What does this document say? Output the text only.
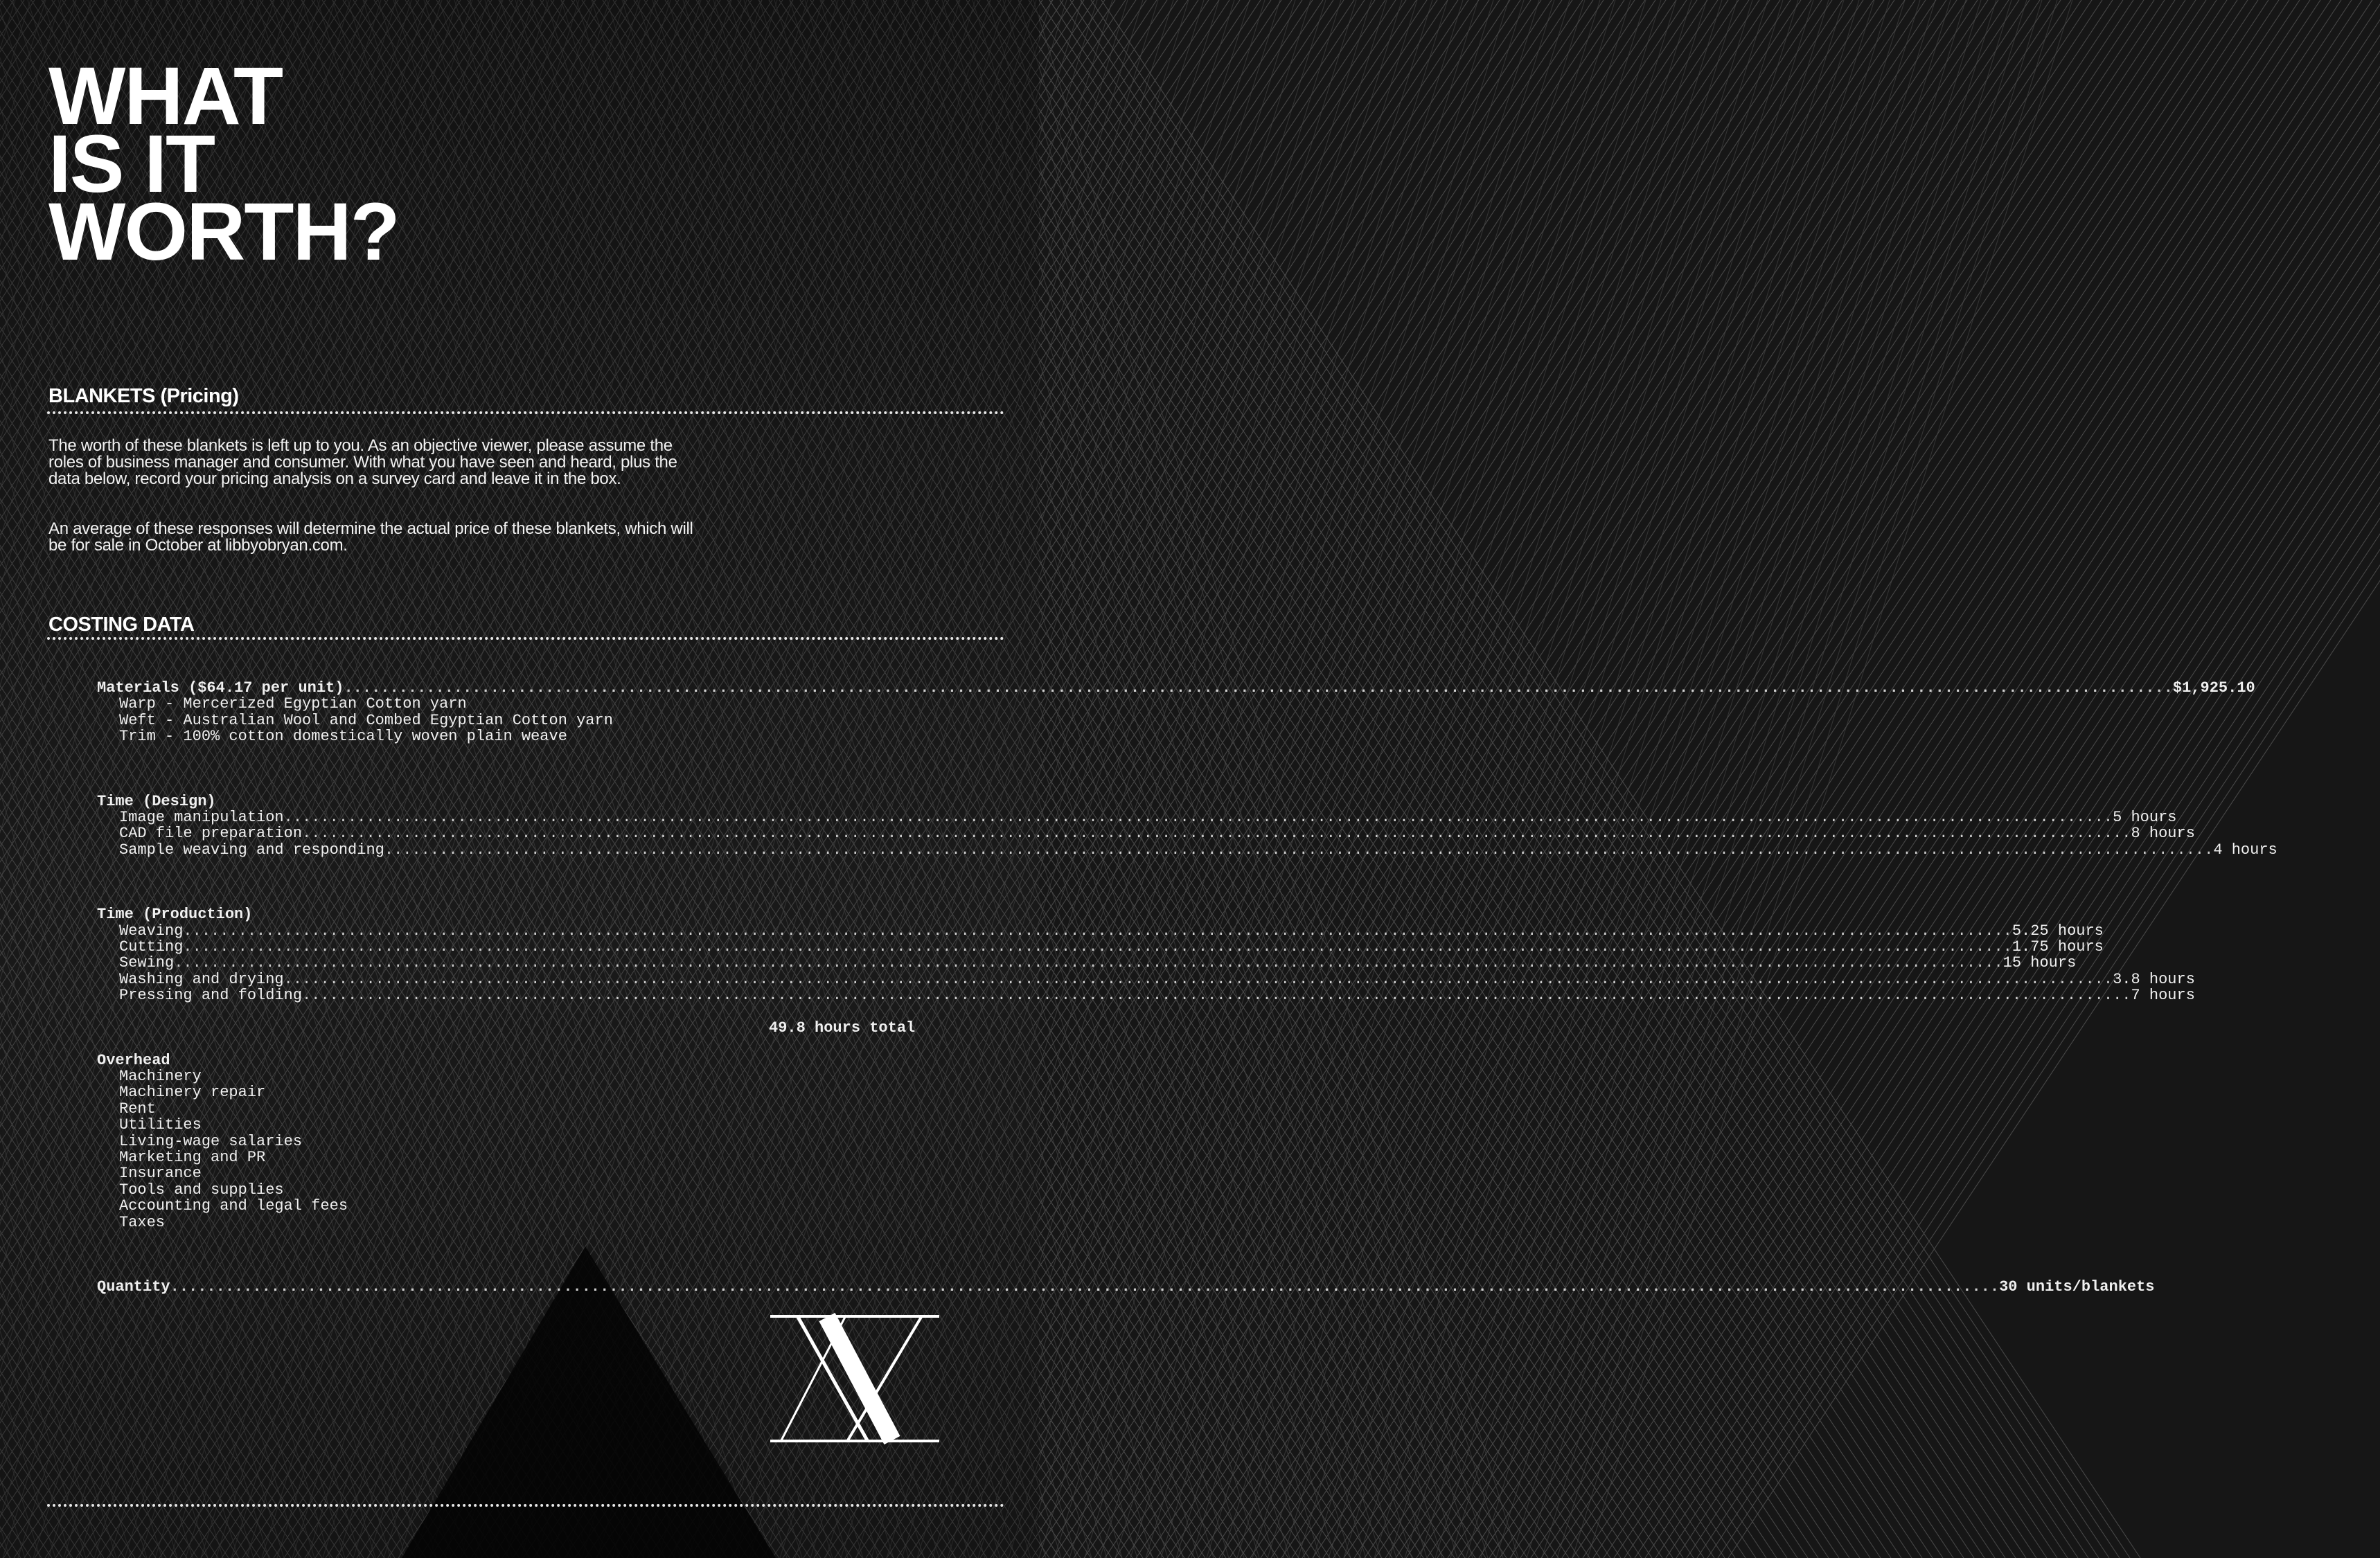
WHAT
IS IT
WORTH?
BLANKETS (Pricing)

The worth of these blankets is left up to you. As an objective viewer, please assume the roles of business manager and consumer. With what you have seen and heard, plus the data below, record your pricing analysis on a survey card and leave it in the box.

An average of these responses will determine the actual price of these blankets, which will be for sale in October at libbyobryan.com.

COSTING DATA
Materials ($64.17 per unit) ........................................................................................................................................................................................................ $1,925.10
Warp - Mercerized Egyptian Cotton yarn
Weft - Australian Wool and Combed Egyptian Cotton yarn
Trim - 100% cotton domestically woven plain weave
Time (Design)
Image manipulation ........................................................................................................................................................................................................ 5 hours
CAD file preparation ........................................................................................................................................................................................................ 8 hours
Sample weaving and responding ........................................................................................................................................................................................................ 4 hours
Time (Production)
Weaving ........................................................................................................................................................................................................ 5.25 hours
Cutting ........................................................................................................................................................................................................ 1.75 hours
Sewing ........................................................................................................................................................................................................ 15 hours
Washing and drying ........................................................................................................................................................................................................ 3.8 hours
Pressing and folding ........................................................................................................................................................................................................ 7 hours
49.8 hours total
Overhead
Machinery
Machinery repair
Rent
Utilities
Living-wage salaries
Marketing and PR
Insurance
Tools and supplies
Accounting and legal fees
Taxes
Quantity ........................................................................................................................................................................................................ 30 units/blankets
